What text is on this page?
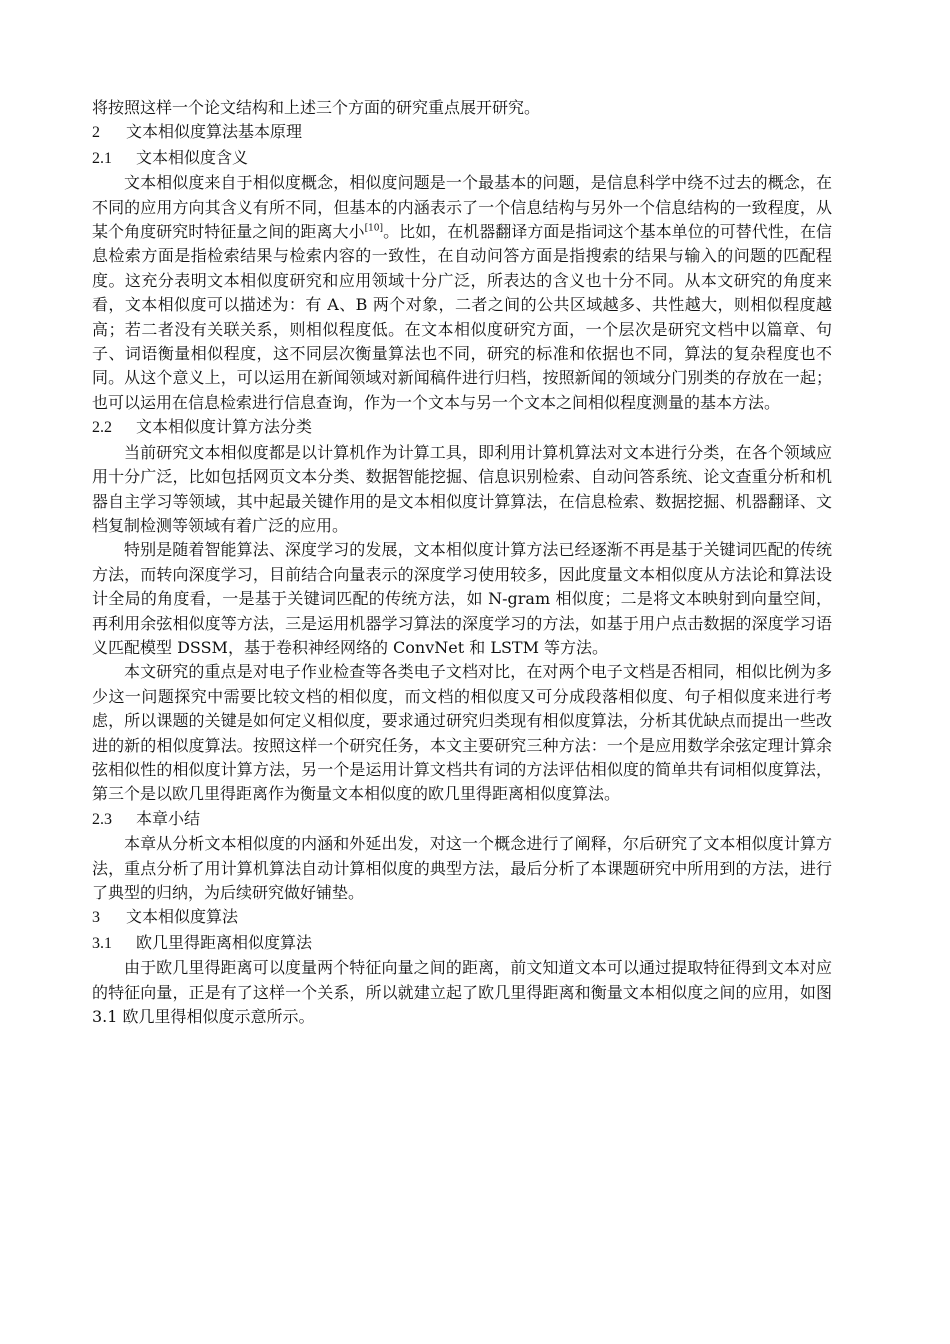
将按照这样一个论文结构和上述三个方面的研究重点展开研究。

2 文本相似度算法基本原理
2.1 文本相似度含义

文本相似度来自于相似度概念，相似度问题是一个最基本的问题，是信息科学中绕不过去的概念，在不同的应用方向其含义有所不同，但基本的内涵表示了一个信息结构与另外一个信息结构的一致程度，从某个角度研究时特征量之间的距离大小[10]。比如，在机器翻译方面是指词这个基本单位的可替代性，在信息检索方面是指检索结果与检索内容的一致性，在自动问答方面是指搜索的结果与输入的问题的匹配程度。这充分表明文本相似度研究和应用领域十分广泛，所表达的含义也十分不同。从本文研究的角度来看，文本相似度可以描述为：有 A、B 两个对象，二者之间的公共区域越多、共性越大，则相似程度越高；若二者没有关联关系，则相似程度低。在文本相似度研究方面，一个层次是研究文档中以篇章、句子、词语衡量相似程度，这不同层次衡量算法也不同，研究的标准和依据也不同，算法的复杂程度也不同。从这个意义上，可以运用在新闻领域对新闻稿件进行归档，按照新闻的领域分门别类的存放在一起；也可以运用在信息检索进行信息查询，作为一个文本与另一个文本之间相似程度测量的基本方法。

2.2 文本相似度计算方法分类

当前研究文本相似度都是以计算机作为计算工具，即利用计算机算法对文本进行分类，在各个领域应用十分广泛，比如包括网页文本分类、数据智能挖掘、信息识别检索、自动问答系统、论文查重分析和机器自主学习等领域，其中起最关键作用的是文本相似度计算算法，在信息检索、数据挖掘、机器翻译、文档复制检测等领域有着广泛的应用。

特别是随着智能算法、深度学习的发展，文本相似度计算方法已经逐渐不再是基于关键词匹配的传统方法，而转向深度学习，目前结合向量表示的深度学习使用较多，因此度量文本相似度从方法论和算法设计全局的角度看，一是基于关键词匹配的传统方法，如 N-gram 相似度；二是将文本映射到向量空间，再利用余弦相似度等方法，三是运用机器学习算法的深度学习的方法，如基于用户点击数据的深度学习语义匹配模型 DSSM，基于卷积神经网络的 ConvNet 和 LSTM 等方法。

本文研究的重点是对电子作业检查等各类电子文档对比，在对两个电子文档是否相同，相似比例为多少这一问题探究中需要比较文档的相似度，而文档的相似度又可分成段落相似度、句子相似度来进行考虑，所以课题的关键是如何定义相似度，要求通过研究归类现有相似度算法，分析其优缺点而提出一些改进的新的相似度算法。按照这样一个研究任务，本文主要研究三种方法：一个是应用数学余弦定理计算余弦相似性的相似度计算方法，另一个是运用计算文档共有词的方法评估相似度的简单共有词相似度算法，第三个是以欧几里得距离作为衡量文本相似度的欧几里得距离相似度算法。

2.3 本章小结

本章从分析文本相似度的内涵和外延出发，对这一个概念进行了阐释，尔后研究了文本相似度计算方法，重点分析了用计算机算法自动计算相似度的典型方法，最后分析了本课题研究中所用到的方法，进行了典型的归纳，为后续研究做好铺垫。

3 文本相似度算法
3.1 欧几里得距离相似度算法

由于欧几里得距离可以度量两个特征向量之间的距离，前文知道文本可以通过提取特征得到文本对应的特征向量，正是有了这样一个关系，所以就建立起了欧几里得距离和衡量文本相似度之间的应用，如图 3.1 欧几里得相似度示意所示。
